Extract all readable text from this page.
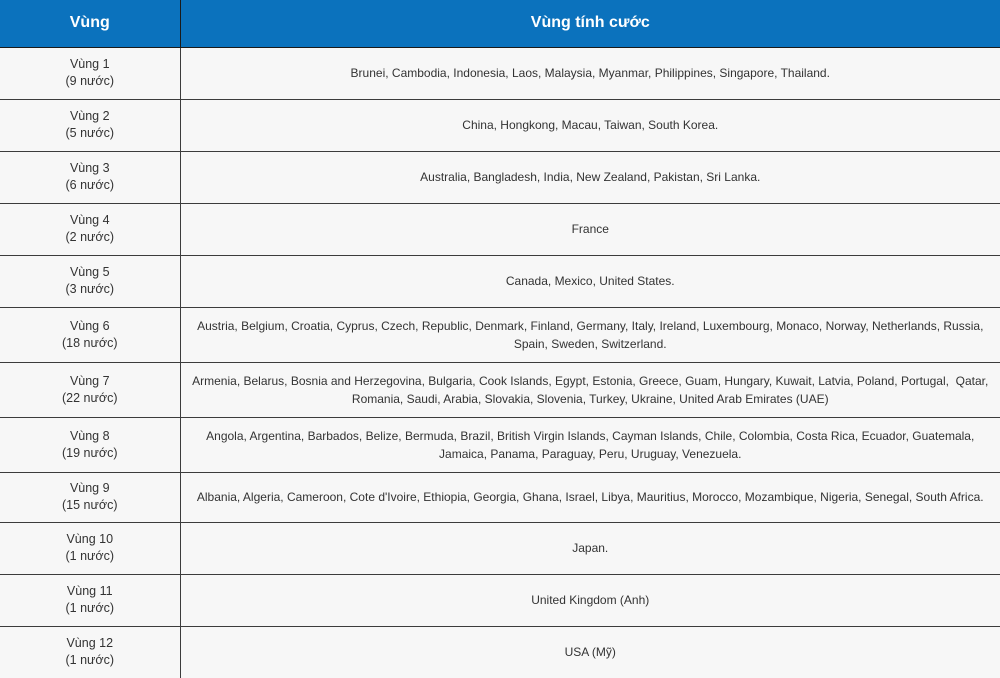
Vùng	Vùng tính cước

Vùng 1
(9 nước)	Brunei, Cambodia, Indonesia, Laos, Malaysia, Myanmar, Philippines, Singapore, Thailand.

Vùng 2
(5 nước)	China, Hongkong, Macau, Taiwan, South Korea.

Vùng 3
(6 nước)	Australia, Bangladesh, India, New Zealand, Pakistan, Sri Lanka.

Vùng 4
(2 nước)	France

Vùng 5
(3 nước)	Canada, Mexico, United States.

Vùng 6
(18 nước)	Austria, Belgium, Croatia, Cyprus, Czech, Republic, Denmark, Finland, Germany, Italy, Ireland, Luxembourg, Monaco, Norway, Netherlands, Russia, Spain, Sweden, Switzerland.

Vùng 7
(22 nước)	Armenia, Belarus, Bosnia and Herzegovina, Bulgaria, Cook Islands, Egypt, Estonia, Greece, Guam, Hungary, Kuwait, Latvia, Poland, Portugal,  Qatar, Romania, Saudi, Arabia, Slovakia, Slovenia, Turkey, Ukraine, United Arab Emirates (UAE)

Vùng 8
(19 nước)	Angola, Argentina, Barbados, Belize, Bermuda, Brazil, British Virgin Islands, Cayman Islands, Chile, Colombia, Costa Rica, Ecuador, Guatemala, Jamaica, Panama, Paraguay, Peru, Uruguay, Venezuela.

Vùng 9
(15 nước)	Albania, Algeria, Cameroon, Cote d'Ivoire, Ethiopia, Georgia, Ghana, Israel, Libya, Mauritius, Morocco, Mozambique, Nigeria, Senegal, South Africa.

Vùng 10
(1 nước)	Japan.

Vùng 11
(1 nước)	United Kingdom (Anh)

Vùng 12
(1 nước)	USA (Mỹ)
